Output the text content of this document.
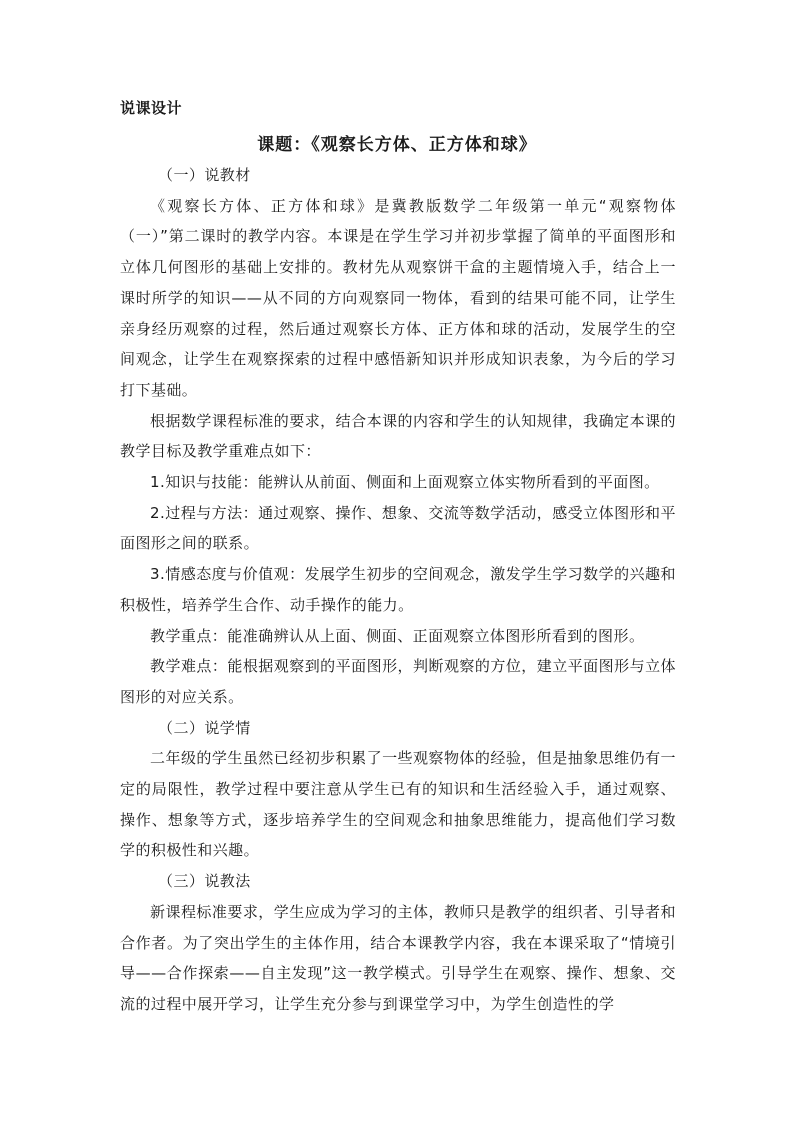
说课设计
课题：《观察长方体、正方体和球》

（一）说教材

《观察长方体、正方体和球》是冀教版数学二年级第一单元“观察物体（一）”第二课时的教学内容。本课是在学生学习并初步掌握了简单的平面图形和立体几何图形的基础上安排的。教材先从观察饼干盒的主题情境入手，结合上一课时所学的知识——从不同的方向观察同一物体，看到的结果可能不同，让学生亲身经历观察的过程，然后通过观察长方体、正方体和球的活动，发展学生的空间观念，让学生在观察探索的过程中感悟新知识并形成知识表象，为今后的学习打下基础。

根据数学课程标准的要求，结合本课的内容和学生的认知规律，我确定本课的教学目标及教学重难点如下：

1.知识与技能：能辨认从前面、侧面和上面观察立体实物所看到的平面图。

2.过程与方法：通过观察、操作、想象、交流等数学活动，感受立体图形和平面图形之间的联系。

3.情感态度与价值观：发展学生初步的空间观念，激发学生学习数学的兴趣和积极性，培养学生合作、动手操作的能力。

教学重点：能准确辨认从上面、侧面、正面观察立体图形所看到的图形。

教学难点：能根据观察到的平面图形，判断观察的方位，建立平面图形与立体图形的对应关系。

（二）说学情

二年级的学生虽然已经初步积累了一些观察物体的经验，但是抽象思维仍有一定的局限性，教学过程中要注意从学生已有的知识和生活经验入手，通过观察、操作、想象等方式，逐步培养学生的空间观念和抽象思维能力，提高他们学习数学的积极性和兴趣。

（三）说教法

新课程标准要求，学生应成为学习的主体，教师只是教学的组织者、引导者和合作者。为了突出学生的主体作用，结合本课教学内容，我在本课采取了“情境引导——合作探索——自主发现”这一教学模式。引导学生在观察、操作、想象、交流的过程中展开学习，让学生充分参与到课堂学习中，为学生创造性的学
